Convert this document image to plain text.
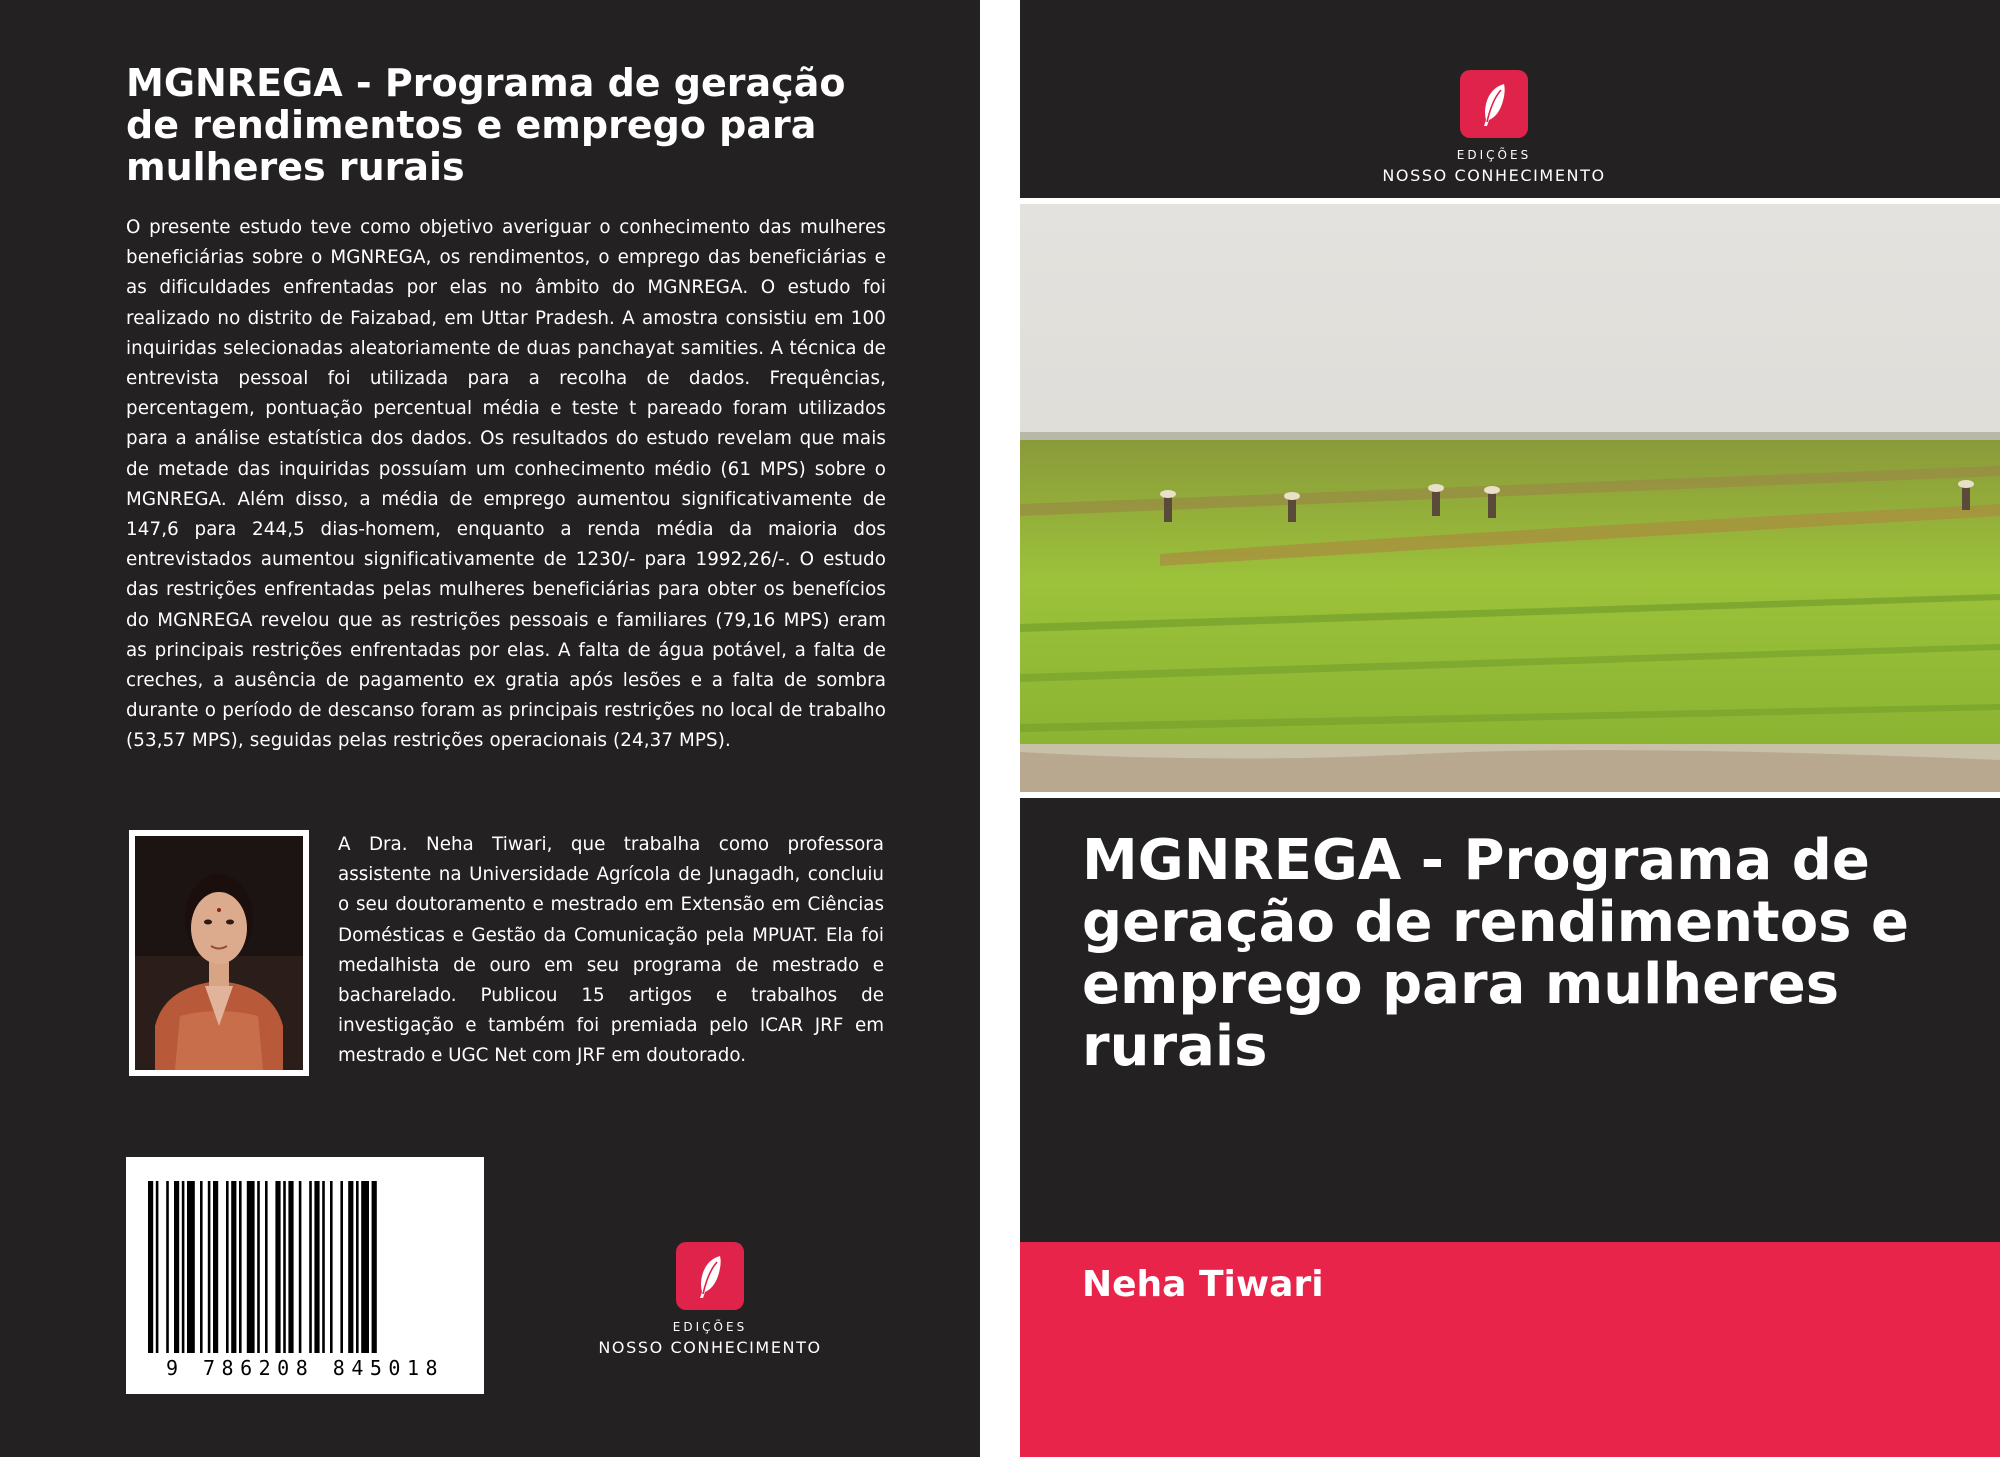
MGNREGA - Programa de geração de rendimentos e emprego para mulheres rurais

O presente estudo teve como objetivo averiguar o conhecimento das mulheres beneficiárias sobre o MGNREGA, os rendimentos, o emprego das beneficiárias e as dificuldades enfrentadas por elas no âmbito do MGNREGA. O estudo foi realizado no distrito de Faizabad, em Uttar Pradesh. A amostra consistiu em 100 inquiridas selecionadas aleatoriamente de duas panchayat samities. A técnica de entrevista pessoal foi utilizada para a recolha de dados. Frequências, percentagem, pontuação percentual média e teste t pareado foram utilizados para a análise estatística dos dados. Os resultados do estudo revelam que mais de metade das inquiridas possuíam um conhecimento médio (61 MPS) sobre o MGNREGA. Além disso, a média de emprego aumentou significativamente de 147,6 para 244,5 dias-homem, enquanto a renda média da maioria dos entrevistados aumentou significativamente de 1230/- para 1992,26/-. O estudo das restrições enfrentadas pelas mulheres beneficiárias para obter os benefícios do MGNREGA revelou que as restrições pessoais e familiares (79,16 MPS) eram as principais restrições enfrentadas por elas. A falta de água potável, a falta de creches, a ausência de pagamento ex gratia após lesões e a falta de sombra durante o período de descanso foram as principais restrições no local de trabalho (53,57 MPS), seguidas pelas restrições operacionais (24,37 MPS).

A Dra. Neha Tiwari, que trabalha como professora assistente na Universidade Agrícola de Junagadh, concluiu o seu doutoramento e mestrado em Extensão em Ciências Domésticas e Gestão da Comunicação pela MPUAT. Ela foi medalhista de ouro em seu programa de mestrado e bacharelado. Publicou 15 artigos e trabalhos de investigação e também foi premiada pelo ICAR JRF em mestrado e UGC Net com JRF em doutorado.

9 786208 845018
EDIÇÕES
NOSSO CONHECIMENTO
EDIÇÕES
NOSSO CONHECIMENTO
MGNREGA - Programa de geração de rendimentos e emprego para mulheres rurais

Neha Tiwari
